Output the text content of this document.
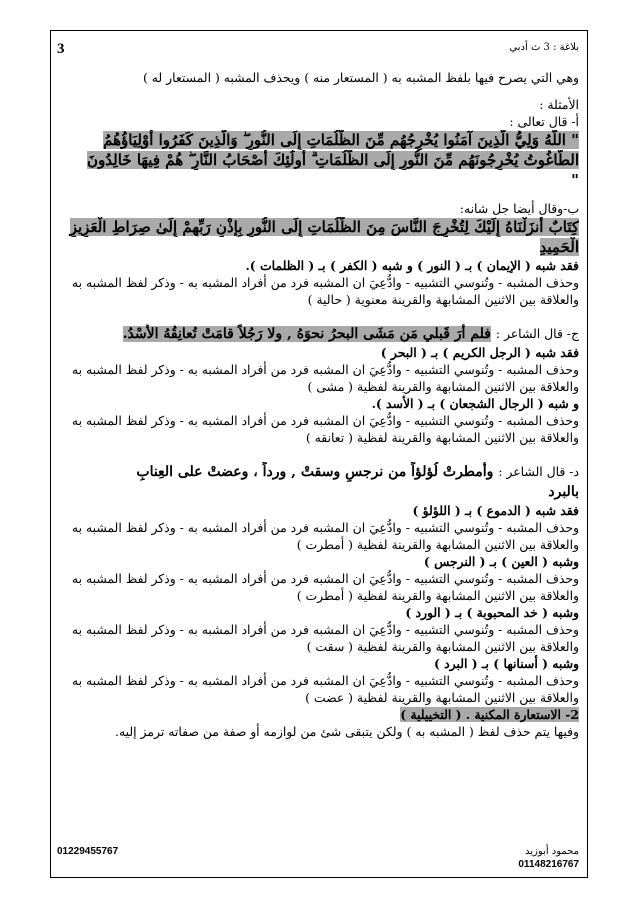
3	بلاغة : 3 ث أدبي
وهي التي يصرح فيها بلفظ المشبه به ( المستعار منه ) ويحذف المشبه ( المستعار له )
الأمثلة :
أ- قال تعالى :
" اللَّهُ وَلِيُّ الَّذِينَ آمَنُوا يُخْرِجُهُم مِّنَ الظُّلُمَاتِ إِلَى النُّورِ ۖ وَالَّذِينَ كَفَرُوا أَوْلِيَاؤُهُمُ
الطَّاغُوتُ يُخْرِجُونَهُم مِّنَ النُّورِ إِلَى الظُّلُمَاتِ ۗ أُولَٰئِكَ أَصْحَابُ النَّارِ ۖ هُمْ فِيهَا خَالِدُونَ
"
ب-وقال أيضا جل شانه:
كِتَابٌ أَنزَلْنَاهُ إِلَيْكَ لِتُخْرِجَ النَّاسَ مِنَ الظُّلُمَاتِ إِلَى النُّورِ بِإِذْنِ رَبِّهِمْ إِلَىٰ صِرَاطِ الْعَزِيزِ
الْحَمِيدِ
فقد شبه ( الإيمان ) بـ ( النور ) و شبه ( الكفر ) بـ ( الظلمات ).
وحذف المشبه - وتُنوسي التشبيه - وادُّعِيَ ان المشبه فرد من أفراد المشبه به - وذكر لفظ المشبه به
والعلاقة بين الاثنين المشابهة والقرينة معنوية ( حالية )
ج- قال الشاعر : فلم أرَ قَبلي مَن مَشَى البحرُ نحوَهُ , ولا رَجُلاً قامَتْ تُعانِقُهُ الأُسْدُ.
فقد شبه ( الرجل الكريم ) بـ ( البحر )
وحذف المشبه - وتُنوسي التشبيه - وادُّعِيَ ان المشبه فرد من أفراد المشبه به - وذكر لفظ المشبه به
والعلاقة بين الاثنين المشابهة والقرينة لفظية ( مشى )
و شبه ( الرجال الشجعان ) بـ ( الأسد ).
وحذف المشبه - وتُنوسي التشبيه - وادُّعِيَ ان المشبه فرد من أفراد المشبه به - وذكر لفظ المشبه به
والعلاقة بين الاثنين المشابهة والقرينة لفظية ( تعانقه )
د- قال الشاعر : وأمطرتْ لُؤلؤاً من نرجسٍ وسقتْ , ورداً ، وعضتْ على العِنابِ
بالبرد
فقد شبه ( الدموع ) بـ ( اللؤلؤ )
وحذف المشبه - وتُنوسي التشبيه - وادُّعِيَ ان المشبه فرد من أفراد المشبه به - وذكر لفظ المشبه به
والعلاقة بين الاثنين المشابهة والقرينة لفظية ( أمطرت )
وشبه ( العين ) بـ ( النرجس )
وحذف المشبه - وتُنوسي التشبيه - وادُّعِيَ ان المشبه فرد من أفراد المشبه به - وذكر لفظ المشبه به
والعلاقة بين الاثنين المشابهة والقرينة لفظية ( أمطرت )
وشبه ( خد المحبوبة ) بـ ( الورد )
وحذف المشبه - وتُنوسي التشبيه - وادُّعِيَ ان المشبه فرد من أفراد المشبه به - وذكر لفظ المشبه به
والعلاقة بين الاثنين المشابهة والقرينة لفظية ( سقت )
وشبه ( أسنانها ) بـ ( البرد )
وحذف المشبه - وتُنوسي التشبيه - وادُّعِيَ ان المشبه فرد من أفراد المشبه به - وذكر لفظ المشبه به
والعلاقة بين الاثنين المشابهة والقرينة لفظية ( عضت )
2- الاستعارة المكنية . ( التخييلية )
وفيها يتم حذف لفظ ( المشبه به ) ولكن يتبقى شئ من لوازمه أو صفة من صفاته ترمز إليه.
01229455767	محمود أبوزيد
01148216767
